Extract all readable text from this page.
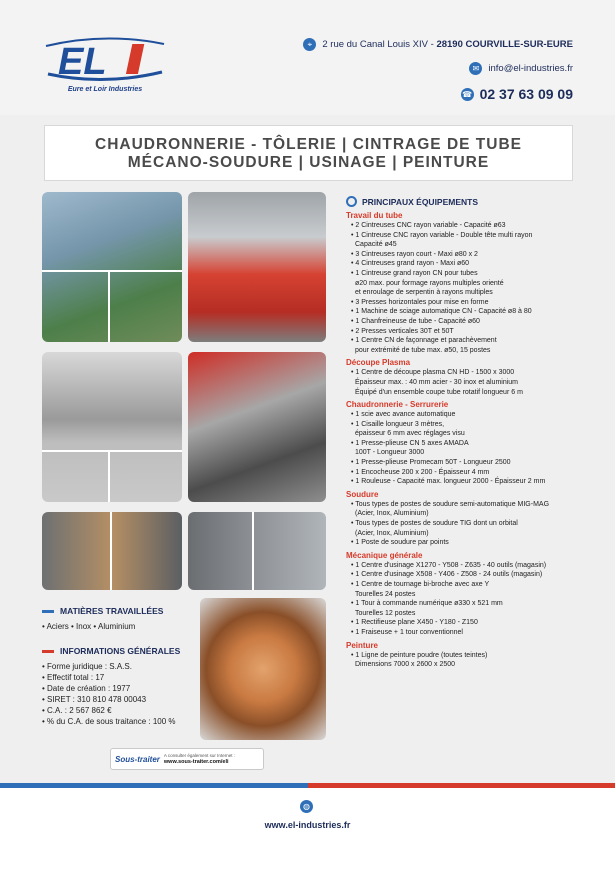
EL
Eure et Loir Industries
⌖	2 rue du Canal Louis XIV - 28190 COURVILLE-SUR-EURE
✉ info@el-industries.fr
☎ 02 37 63 09 09
CHAUDRONNERIE - TÔLERIE | CINTRAGE DE TUBE
MÉCANO-SOUDURE | USINAGE | PEINTURE
MATIÈRES TRAVAILLÉES
• Aciers • Inox • Aluminium
INFORMATIONS GÉNÉRALES
• Forme juridique : S.A.S.
• Effectif total : 17
• Date de création : 1977
• SIRET : 310 810 478 00043
• C.A. : 2 567 862 €
• % du C.A. de sous traitance : 100 %
Sous-traiter A consulter également sur Internet :
www.sous-traiter.com/eli
PRINCIPAUX ÉQUIPEMENTS
Travail du tube
• 2 Cintreuses CNC rayon variable - Capacité ø63
• 1 Cintreuse CNC rayon variable - Double tête multi rayon
Capacité ø45
• 3 Cintreuses rayon court - Maxi ø80 x 2
• 4 Cintreuses grand rayon - Maxi ø60
• 1 Cintreuse grand rayon CN pour tubes
ø20 max. pour formage rayons multiples orienté
et enroulage de serpentin à rayons multiples
• 3 Presses horizontales pour mise en forme
• 1 Machine de sciage automatique CN - Capacité ø8 à 80
• 1 Chanfreineuse de tube - Capacité ø60
• 2 Presses verticales 30T et 50T
• 1 Centre CN de façonnage et parachèvement
pour extrémité de tube max. ø50, 15 postes
Découpe Plasma
• 1 Centre de découpe plasma CN HD - 1500 x 3000
Épaisseur max. : 40 mm acier - 30 inox et aluminium
Équipé d'un ensemble coupe tube rotatif longueur 6 m
Chaudronnerie - Serrurerie
• 1 scie avec avance automatique
• 1 Cisaille longueur 3 mètres,
épaisseur 6 mm avec réglages visu
• 1 Presse-plieuse CN 5 axes AMADA
100T - Longueur 3000
• 1 Presse-plieuse Promecam 50T - Longueur 2500
• 1 Encocheuse 200 x 200 - Épaisseur 4 mm
• 1 Rouleuse - Capacité max. longueur 2000 - Épaisseur 2 mm
Soudure
• Tous types de postes de soudure semi-automatique MIG-MAG
(Acier, Inox, Aluminium)
• Tous types de postes de soudure TIG dont un orbital
(Acier, Inox, Aluminium)
• 1 Poste de soudure par points
Mécanique générale
• 1 Centre d'usinage X1270 - Y508 - Z635 - 40 outils (magasin)
• 1 Centre d'usinage X508 - Y406 - Z508 - 24 outils (magasin)
• 1 Centre de tournage bi-broche avec axe Y
Tourelles 24 postes
• 1 Tour à commande numérique ø330 x 521 mm
Tourelles 12 postes
• 1 Rectifieuse plane X450 - Y180 - Z150
• 1 Fraiseuse + 1 tour conventionnel
Peinture
• 1 Ligne de peinture poudre (toutes teintes)
Dimensions 7000 x 2600 x 2500
◍
www.el-industries.fr
